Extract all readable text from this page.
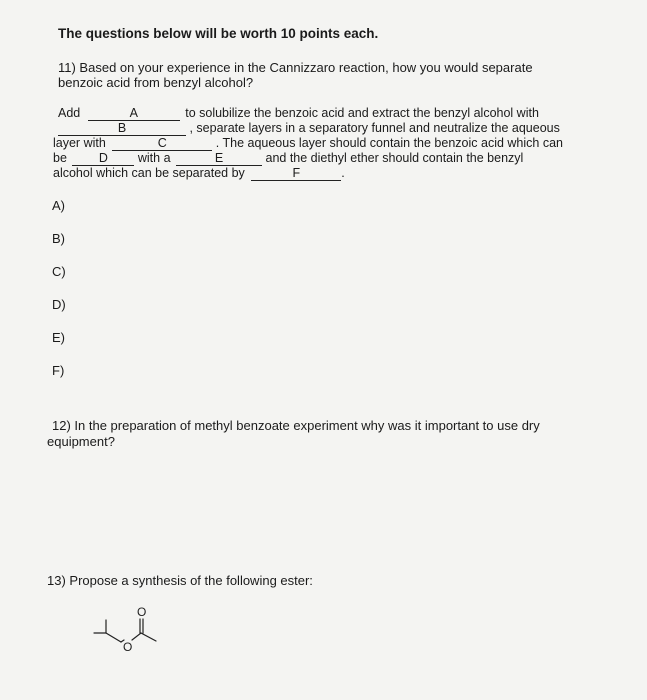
The questions below will be worth 10 points each.
11) Based on your experience in the Cannizzaro reaction, how you would separate
benzoic acid from benzyl alcohol?
Add	A	to solubilize the benzoic acid and extract the benzyl alcohol with
B	, separate layers in a separatory funnel and neutralize the aqueous
layer with	C	. The aqueous layer should contain the benzoic acid which can
be	D with a	E	and the diethyl ether should contain the benzyl
alcohol which can be separated by	F	.
A)
B)
C)
D)
E)
F)
12) In the preparation of methyl benzoate experiment why was it important to use dry
equipment?
13) Propose a synthesis of the following ester:
O
O
